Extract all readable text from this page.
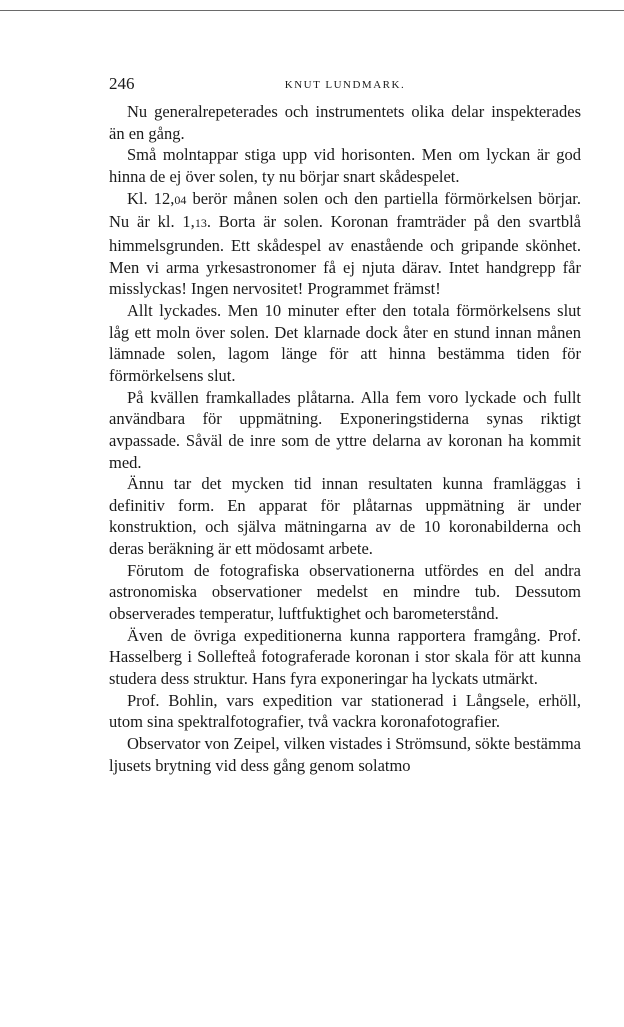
246	KNUT LUNDMARK.

Nu generalrepeterades och instrumentets olika delar inspekterades än en gång.

Små molntappar stiga upp vid horisonten. Men om lyckan är god hinna de ej över solen, ty nu börjar snart skådespelet.

Kl. 12,04 berör månen solen och den partiella förmörkelsen börjar. Nu är kl. 1,13. Borta är solen. Koronan framträder på den svartblå himmelsgrunden. Ett skådespel av enastående och gripande skönhet. Men vi arma yrkesastronomer få ej njuta därav. Intet handgrepp får misslyckas! Ingen nervositet! Programmet främst!

Allt lyckades. Men 10 minuter efter den totala förmörkelsens slut låg ett moln över solen. Det klarnade dock åter en stund innan månen lämnade solen, lagom länge för att hinna bestämma tiden för förmörkelsens slut.

På kvällen framkallades plåtarna. Alla fem voro lyckade och fullt användbara för uppmätning. Exponeringstiderna synas riktigt avpassade. Såväl de inre som de yttre delarna av koronan ha kommit med.

Ännu tar det mycken tid innan resultaten kunna framläggas i definitiv form. En apparat för plåtarnas uppmätning är under konstruktion, och själva mätningarna av de 10 koronabilderna och deras beräkning är ett mödosamt arbete.

Förutom de fotografiska observationerna utfördes en del andra astronomiska observationer medelst en mindre tub. Dessutom observerades temperatur, luftfuktighet och barometerstånd.

Även de övriga expeditionerna kunna rapportera framgång. Prof. Hasselberg i Sollefteå fotograferade koronan i stor skala för att kunna studera dess struktur. Hans fyra exponeringar ha lyckats utmärkt.

Prof. Bohlin, vars expedition var stationerad i Långsele, erhöll, utom sina spektralfotografier, två vackra koronafotografier.

Observator von Zeipel, vilken vistades i Strömsund, sökte bestämma ljusets brytning vid dess gång genom solatmo
